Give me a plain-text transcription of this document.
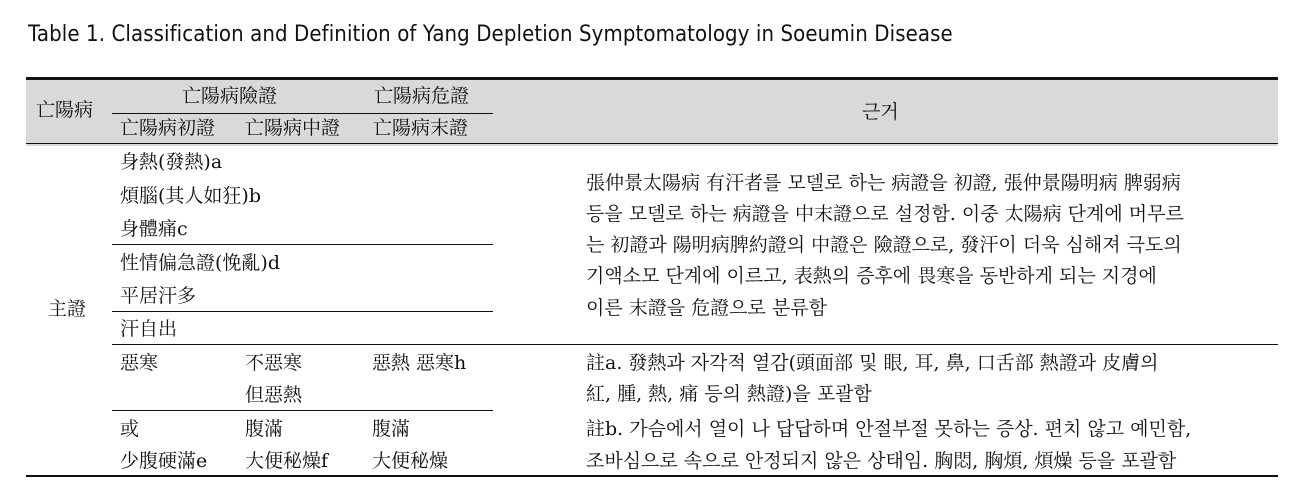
Table 1. Classification and Definition of Yang Depletion Symptomatology in Soeumin Disease
亡陽病
亡陽病險證	亡陽病危證
亡陽病初證 亡陽病中證 亡陽病末證
근거
主證
身熱(發熱)a
煩腦(其人如狂)b
身體痛c
性情偏急證(悗亂)d
平居汗多
汗自出
惡寒	不惡寒
但惡熱
惡熱 惡寒h
或
少腹硬滿e
腹滿
大便秘燥f
腹滿
大便秘燥
張仲景太陽病 有汗者를 모델로 하는 病證을 初證, 張仲景陽明病 脾弱病
등을 모델로 하는 病證을 中末證으로 설정함. 이중 太陽病 단계에 머무르
는 初證과 陽明病脾約證의 中證은 險證으로, 發汗이 더욱 심해져 극도의
기액소모 단계에 이르고, 表熱의 증후에 畏寒을 동반하게 되는 지경에
이른 末證을 危證으로 분류함
註a. 發熱과 자각적 열감(頭面部 및 眼, 耳, 鼻, 口舌部 熱證과 皮膚의
紅, 腫, 熱, 痛 등의 熱證)을 포괄함
註b. 가슴에서 열이 나 답답하며 안절부절 못하는 증상. 편치 않고 예민함,
조바심으로 속으로 안정되지 않은 상태임. 胸悶, 胸煩, 煩燥 등을 포괄함
